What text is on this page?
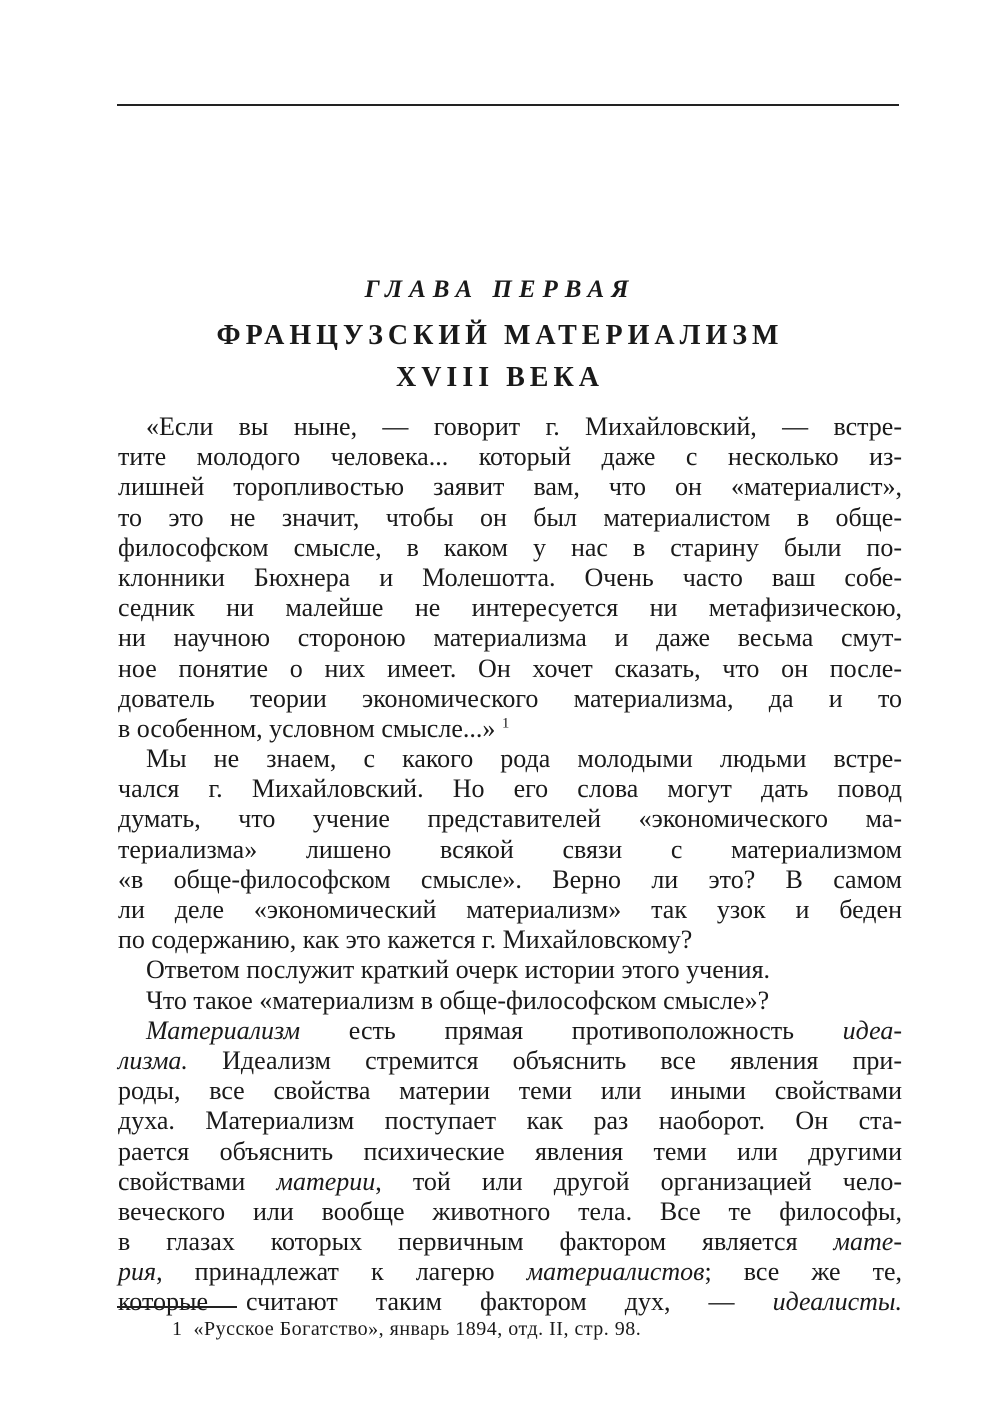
ГЛАВА ПЕРВАЯ
ФРАНЦУЗСКИЙ МАТЕРИАЛИЗМ
XVIII ВЕКА
«Если вы ныне, — говорит г. Михайловский, — встре-
тите молодого человека... который даже с несколько из-
лишней торопливостью заявит вам, что он «материалист»,
то это не значит, чтобы он был материалистом в обще-
философском смысле, в каком у нас в старину были по-
клонники Бюхнера и Молешотта. Очень часто ваш собе-
седник ни малейше не интересуется ни метафизическою,
ни научною стороною материализма и даже весьма смут-
ное понятие о них имеет. Он хочет сказать, что он после-
дователь теории экономического материализма, да и то
в особенном, условном смысле...» $^1$
Мы не знаем, с какого рода молодыми людьми встре-
чался г. Михайловский. Но его слова могут дать повод
думать, что учение представителей «экономического ма-
териализма» лишено всякой связи с материализмом
«в обще-философском смысле». Верно ли это? В самом
ли деле «экономический материализм» так узок и беден
по содержанию, как это кажется г. Михайловскому?
Ответом послужит краткий очерк истории этого учения.
Что такое «материализм в обще-философском смысле»?
Материализм есть прямая противоположность идеа-
лизма. Идеализм стремится объяснить все явления при-
роды, все свойства материи теми или иными свойствами
духа. Материализм поступает как раз наоборот. Он ста-
рается объяснить психические явления теми или другими
свойствами материи, той или другой организацией чело-
веческого или вообще животного тела. Все те философы,
в глазах которых первичным фактором является мате-
рия, принадлежат к лагерю материалистов; все же те,
которые считают таким фактором дух, — идеалисты.
1 «Русское Богатство», январь 1894, отд. II, стр. 98.
